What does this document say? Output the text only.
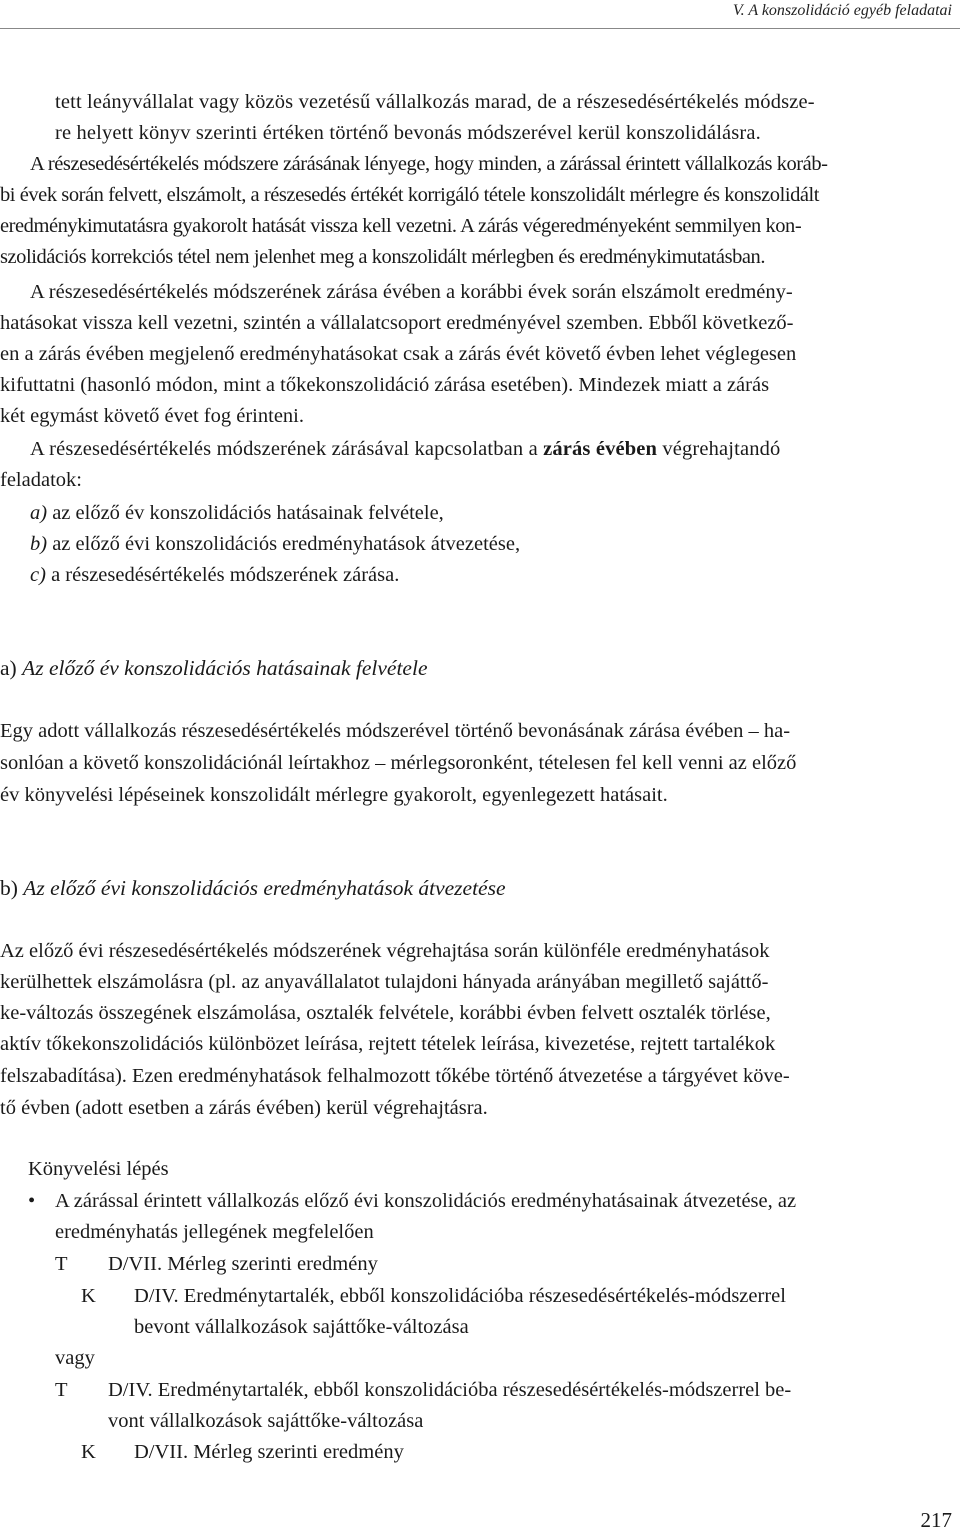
V. A konszolidáció egyéb feladatai
tett leányvállalat vagy közös vezetésű vállalkozás marad, de a részesedésértékelés módsze-
re helyett könyv szerinti értéken történő bevonás módszerével kerül konszolidálásra.
A részesedésértékelés módszere zárásának lényege, hogy minden, a zárással érintett vállalkozás koráb-
bi évek során felvett, elszámolt, a részesedés értékét korrigáló tétele konszolidált mérlegre és konszolidált
eredménykimutatásra gyakorolt hatását vissza kell vezetni. A zárás végeredményeként semmilyen kon-
szolidációs korrekciós tétel nem jelenhet meg a konszolidált mérlegben és eredménykimutatásban.
A részesedésértékelés módszerének zárása évében a korábbi évek során elszámolt eredmény-
hatásokat vissza kell vezetni, szintén a vállalatcsoport eredményével szemben. Ebből következő-
en a zárás évében megjelenő eredményhatásokat csak a zárás évét követő évben lehet véglegesen
kifuttatni (hasonló módon, mint a tőkekonszolidáció zárása esetében). Mindezek miatt a zárás
két egymást követő évet fog érinteni.
A részesedésértékelés módszerének zárásával kapcsolatban a zárás évében végrehajtandó
feladatok:
a) az előző év konszolidációs hatásainak felvétele,
b) az előző évi konszolidációs eredményhatások átvezetése,
c) a részesedésértékelés módszerének zárása.
a) Az előző év konszolidációs hatásainak felvétele
Egy adott vállalkozás részesedésértékelés módszerével történő bevonásának zárása évében – ha-
sonlóan a követő konszolidációnál leírtakhoz – mérlegsoronként, tételesen fel kell venni az előző
év könyvelési lépéseinek konszolidált mérlegre gyakorolt, egyenlegezett hatásait.
b) Az előző évi konszolidációs eredményhatások átvezetése
Az előző évi részesedésértékelés módszerének végrehajtása során különféle eredményhatások
kerülhettek elszámolásra (pl. az anyavállalatot tulajdoni hányada arányában megillető sajáttő-
ke-változás összegének elszámolása, osztalék felvétele, korábbi évben felvett osztalék törlése,
aktív tőkekonszolidációs különbözet leírása, rejtett tételek leírása, kivezetése, rejtett tartalékok
felszabadítása). Ezen eredményhatások felhalmozott tőkébe történő átvezetése a tárgyévet köve-
tő évben (adott esetben a zárás évében) kerül végrehajtásra.
Könyvelési lépés
• A zárással érintett vállalkozás előző évi konszolidációs eredményhatásainak átvezetése, az
eredményhatás jellegének megfelelően
T D/VII. Mérleg szerinti eredmény
K D/IV. Eredménytartalék, ebből konszolidációba részesedésértékelés-módszerrel
bevont vállalkozások sajáttőke-változása
vagy
T D/IV. Eredménytartalék, ebből konszolidációba részesedésértékelés-módszerrel be-
vont vállalkozások sajáttőke-változása
K D/VII. Mérleg szerinti eredmény
217
